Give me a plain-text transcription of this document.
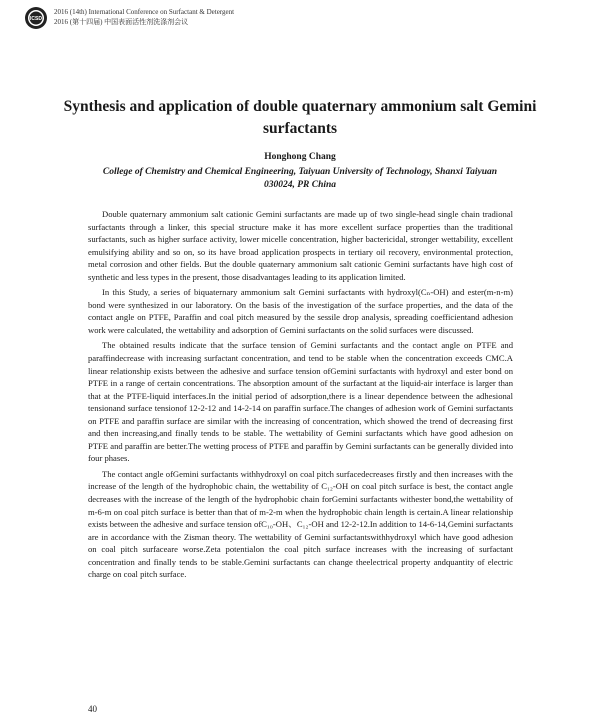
ICSD
2016 (14th) International Conference on Surfactant & Detergent
2016 (第十四届) 中国表面活性剂洗涤剂会议
Synthesis and application of double quaternary ammonium salt Gemini surfactants
Honghong Chang
College of Chemistry and Chemical Engineering, Taiyuan University of Technology, Shanxi Taiyuan
030024, PR China

Double quaternary ammonium salt cationic Gemini surfactants are made up of two single-head single chain tradional surfactants through a linker, this special structure make it has more excellent surface properties than the traditional surfactants, such as higher surface activity, lower micelle concentration, higher bactericidal, stronger wettability, excellent emulsifying ability and so on, so its have broad application prospects in tertiary oil recovery, environmental protection, metal corrosion and other fields. But the double quaternary ammonium salt cationic Gemini surfactants have high cost of synthetic and less types in the present, those disadvantages leading to its application limited.

In this Study, a series of biquaternary ammonium salt Gemini surfactants with hydroxyl(Cₙ-OH) and ester(m-n-m) bond were synthesized in our laboratory. On the basis of the investigation of the surface properties, and the data of the contact angle on PTFE, Paraffin and coal pitch measured by the sessile drop analysis, spreading coefficientand adhesion work were calculated, the wettability and adsorption of Gemini surfactants on the solid surfaces were discussed.

The obtained results indicate that the surface tension of Gemini surfactants and the contact angle on PTFE and paraffindecrease with increasing surfactant concentration, and tend to be stable when the concentration exceeds CMC.A linear relationship exists between the adhesive and surface tension ofGemini surfactants with hydroxyl and ester bond on PTFE in a range of certain concentrations. The absorption amount of the surfactant at the liquid-air interface is larger than that at the PTFE-liquid interfaces.In the initial period of adsorption,there is a linear dependence between the adhesional tensionand surface tensionof 12-2-12 and 14-2-14 on paraffin surface.The changes of adhesion work of Gemini surfactants on PTFE and paraffin surface are similar with the increasing of concentration, which showed the trend of decreasing first and then increasing,and finally tends to be stable. The wettability of Gemini surfactants which have good adhesion on PTFE and paraffin are better.The wetting process of PTFE and paraffin by Gemini surfactants can be generally divided into four phases.

The contact angle ofGemini surfactants withhydroxyl on coal pitch surfacedecreases firstly and then increases with the increase of the length of the hydrophobic chain, the wettability of C₁₂-OH on coal pitch surface is best, the contact angle decreases with the increase of the length of the hydrophobic chain forGemini surfactants withester bond,the wettability of m-6-m on coal pitch surface is better than that of m-2-m when the hydrophobic chain length is certain.A linear relationship exists between the adhesive and surface tension ofC₁₀-OH、C₁₂-OH and 12-2-12.In addition to 14-6-14,Gemini surfactants are in accordance with the Zisman theory. The wettability of Gemini surfactantswithhydroxyl which have good adhesion on coal pitch surfaceare worse.Zeta potentialon the coal pitch surface increases with the increasing of surfactant concentration and finally tends to be stable.Gemini surfactants can change theelectrical property andquantity of electric charge on coal pitch surface.

40
